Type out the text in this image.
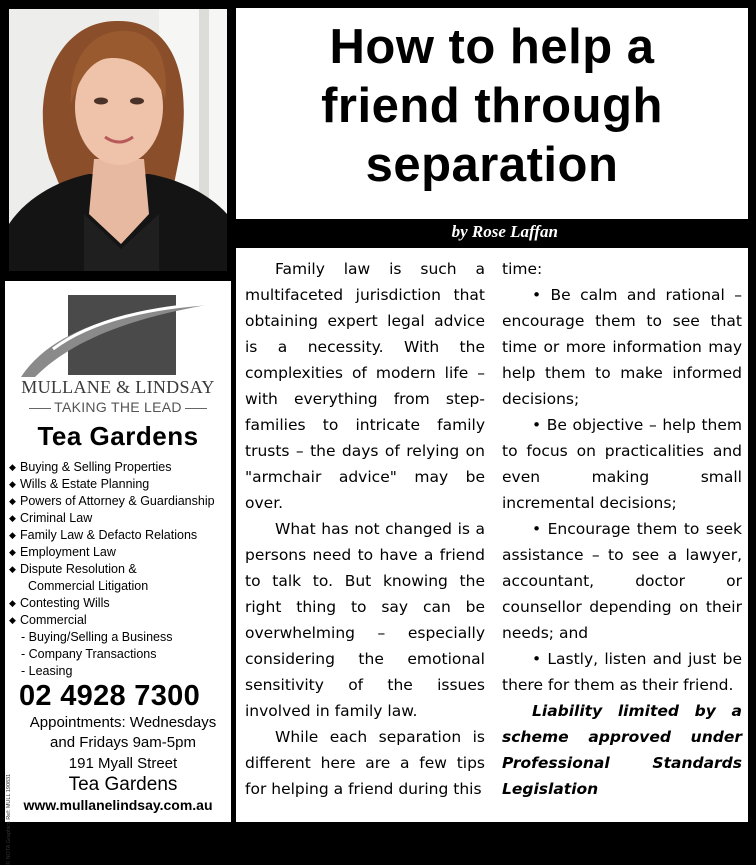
How to help a
friend through
separation
by Rose Laffan
MULLANE & LINDSAY
TAKING THE LEAD
Tea Gardens
◆ Buying & Selling Properties
◆ Wills & Estate Planning
◆ Powers of Attorney & Guardianship
◆ Criminal Law
◆ Family Law & Defacto Relations
◆ Employment Law
◆ Dispute Resolution &
Commercial Litigation
◆ Contesting Wills
◆ Commercial
- Buying/Selling a Business
- Company Transactions
- Leasing
© NOTA Graphics Ref: MULL 190831
02 4928 7300
Appointments: Wednesdays
and Fridays 9am-5pm
191 Myall Street
Tea Gardens
www.mullanelindsay.com.au

Family law is such a multifaceted jurisdiction that obtaining expert legal advice is a necessity. With the complexities of modern life – with everything from step-families to intricate family trusts – the days of relying on "armchair advice" may be over.

What has not changed is a persons need to have a friend to talk to. But knowing the right thing to say can be overwhelming – especially considering the emotional sensitivity of the issues involved in family law.

While each separation is different here are a few tips for helping a friend during this

time:

• Be calm and rational – encourage them to see that time or more information may help them to make informed decisions;

• Be objective – help them to focus on practicalities and even making small incremental decisions;

• Encourage them to seek assistance – to see a lawyer, accountant, doctor or counsellor depending on their needs; and

• Lastly, listen and just be there for them as their friend.

Liability limited by a scheme approved under Professional Standards Legislation
